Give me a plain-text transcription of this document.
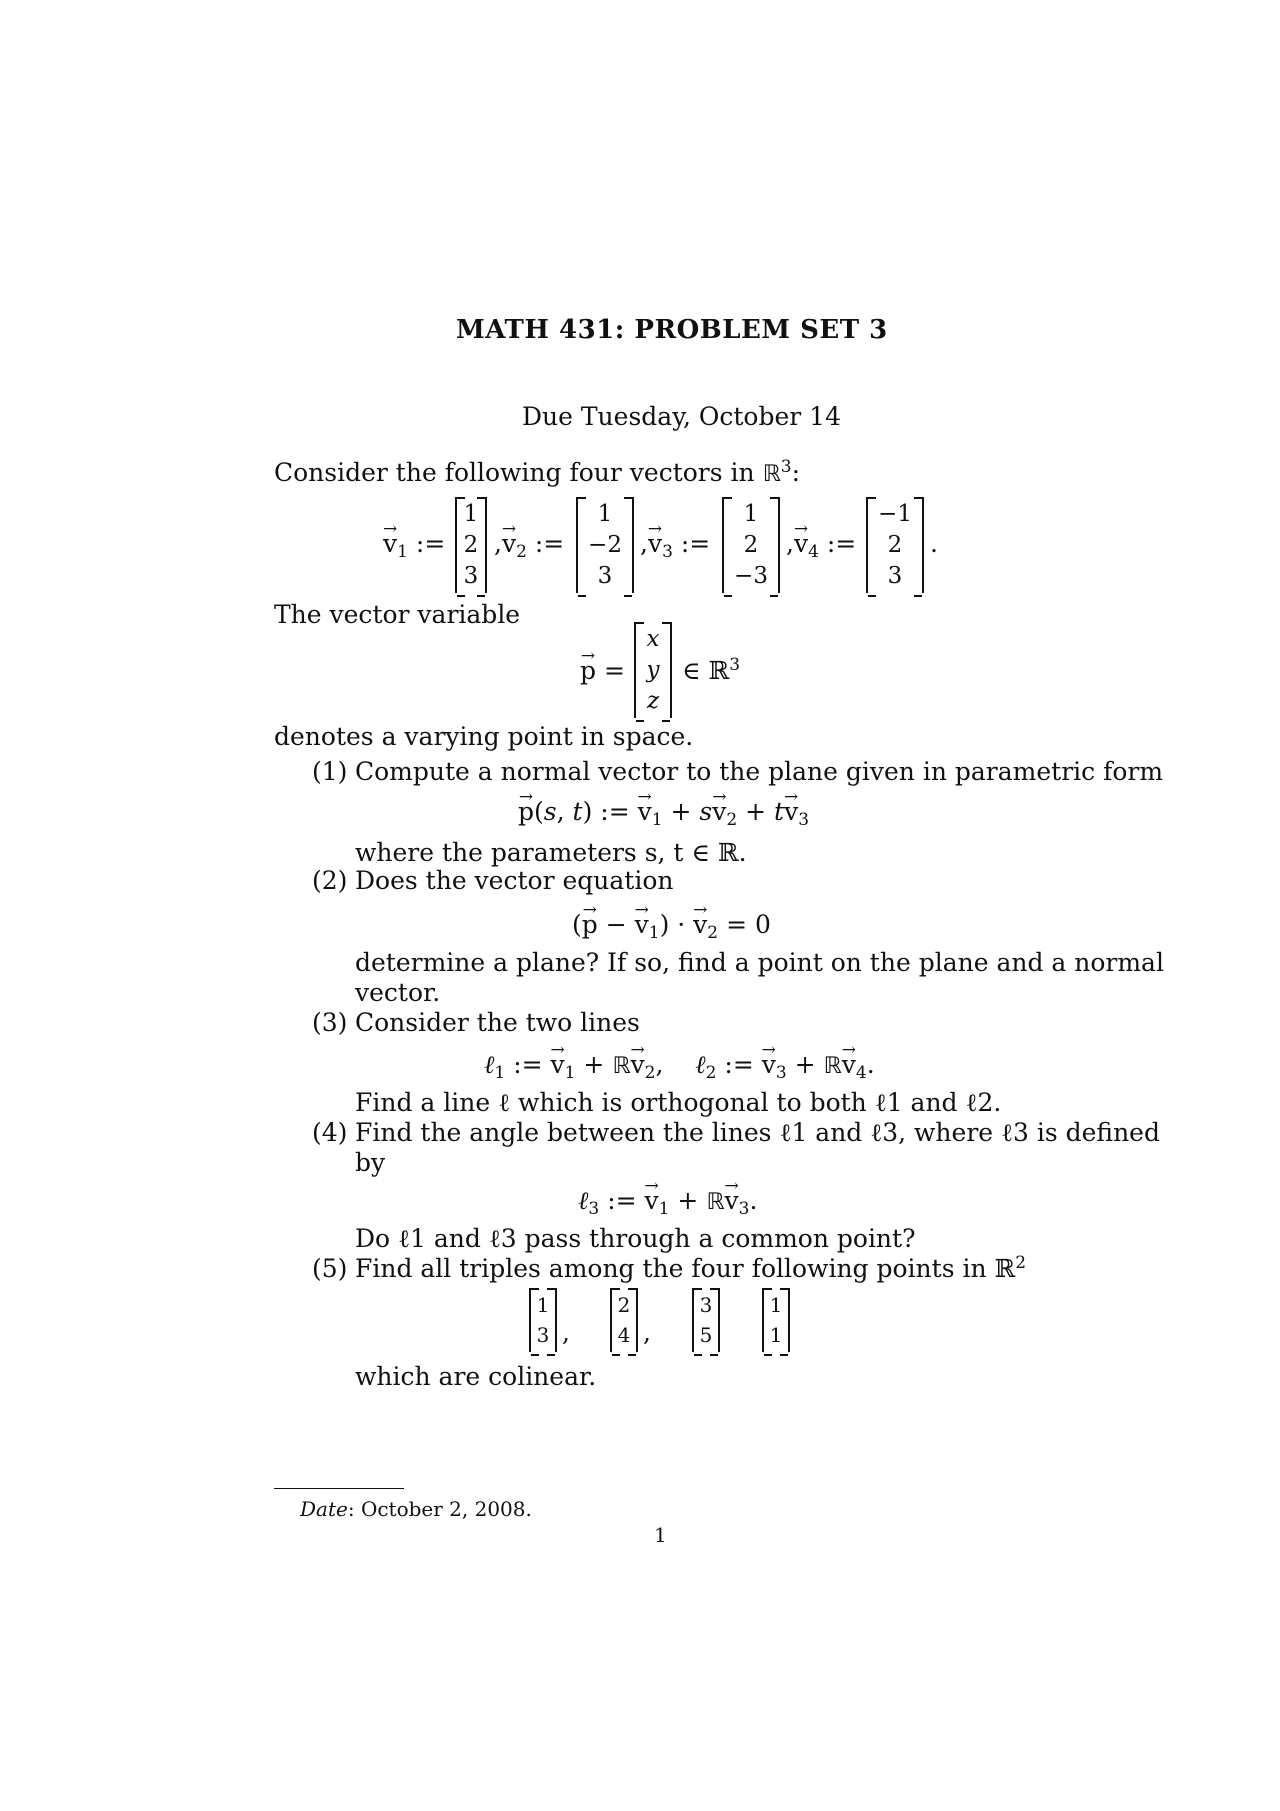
MATH 431: PROBLEM SET 3
Due Tuesday, October 14
Consider the following four vectors in ℝ$^3$:
→ $v_1$ :=
1
2
3
,→ $v_2$ :=
1
−2
3
,→ $v_3$ :=
1
2
−3
,→ $v_4$ :=
−1
2
3
.
The vector variable
→ p =
x
y
z
∈ ℝ$^3$
denotes a varying point in space.
(1) Compute a normal vector to the plane given in parametric form
→ p(s, t) := → $v_1 + s\to v_2 + t\to v_3$
where the parameters s, t ∈ ℝ.
(2) Does the vector equation
(→ p − → $v_1$) · → $v_2 = 0$
determine a plane? If so, find a point on the plane and a normal
vector.
(3) Consider the two lines
ℓ$_1$ := → $v_1$ + ℝ→ $v_2$,    ℓ$_2$ := → $v_3$ + ℝ→ $v_4$.
Find a line ℓ which is orthogonal to both ℓ1 and ℓ2.
(4) Find the angle between the lines ℓ1 and ℓ3, where ℓ3 is defined
by
ℓ$_3$ := → $v_1$ + ℝ→ $v_3$.
Do ℓ1 and ℓ3 pass through a common point?
(5) Find all triples among the four following points in ℝ$^2$
1
3 ,
2
4 ,
3
5
1
1
which are colinear.
Date: October 2, 2008.
1
